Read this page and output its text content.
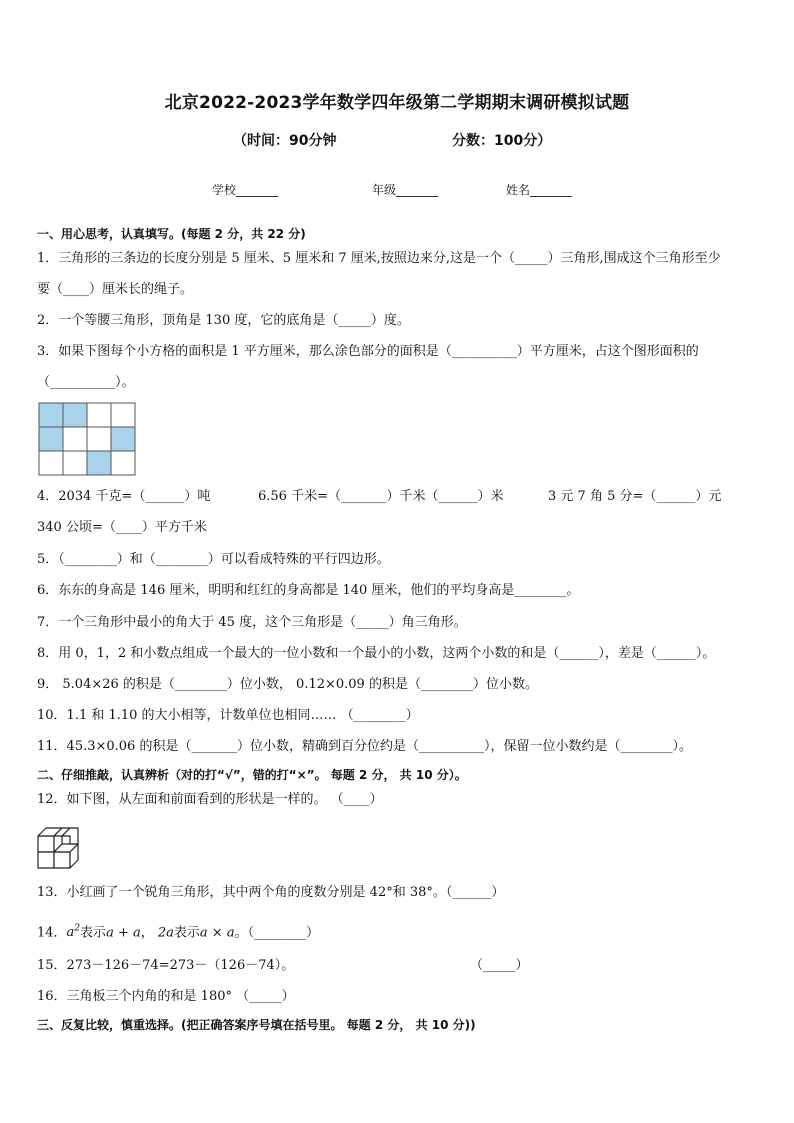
北京2022-2023学年数学四年级第二学期期末调研模拟试题
（时间：90分钟	分数：100分）
学校_______	年级_______	姓名_______
一、用心思考，认真填写。(每题 2 分，共 22 分)
1．三角形的三条边的长度分别是 5 厘米、5 厘米和 7 厘米,按照边来分,这是一个（_____）三角形,围成这个三角形至少
要（____）厘米长的绳子。
2．一个等腰三角形，顶角是 130 度，它的底角是（_____）度。
3．如果下图每个小方格的面积是 1 平方厘米，那么涂色部分的面积是（__________）平方厘米，占这个图形面积的
（__________）。
4．2034 千克=（______）吨	6.56 千米=（_______）千米（______）米	3 元 7 角 5 分=（______）元
340 公顷=（____）平方千米
5．（________）和（________）可以看成特殊的平行四边形。
6．东东的身高是 146 厘米，明明和红红的身高都是 140 厘米，他们的平均身高是________。
7．一个三角形中最小的角大于 45 度，这个三角形是（_____）角三角形。
8．用 0，1，2 和小数点组成一个最大的一位小数和一个最小的小数，这两个小数的和是（______），差是（______）。
9． 5.04×26 的积是（________）位小数， 0.12×0.09 的积是（________）位小数。
10．1.1 和 1.10 的大小相等，计数单位也相同…… （________）
11．45.3×0.06 的积是（_______）位小数，精确到百分位约是（__________），保留一位小数约是（________）。
二、仔细推敲，认真辨析（对的打“√”，错的打“×”。 每题 2 分， 共 10 分）。
12．如下图，从左面和前面看到的形状是一样的。 （____）
13．小红画了一个锐角三角形，其中两个角的度数分别是 42°和 38°。（______）
14．$a^2$表示a + a， 2a表示a × a。（________）
15．273－126－74=273－（126－74）。	（_____）
16．三角板三个内角的和是 180° （_____）
三、反复比较，慎重选择。(把正确答案序号填在括号里。 每题 2 分， 共 10 分))
